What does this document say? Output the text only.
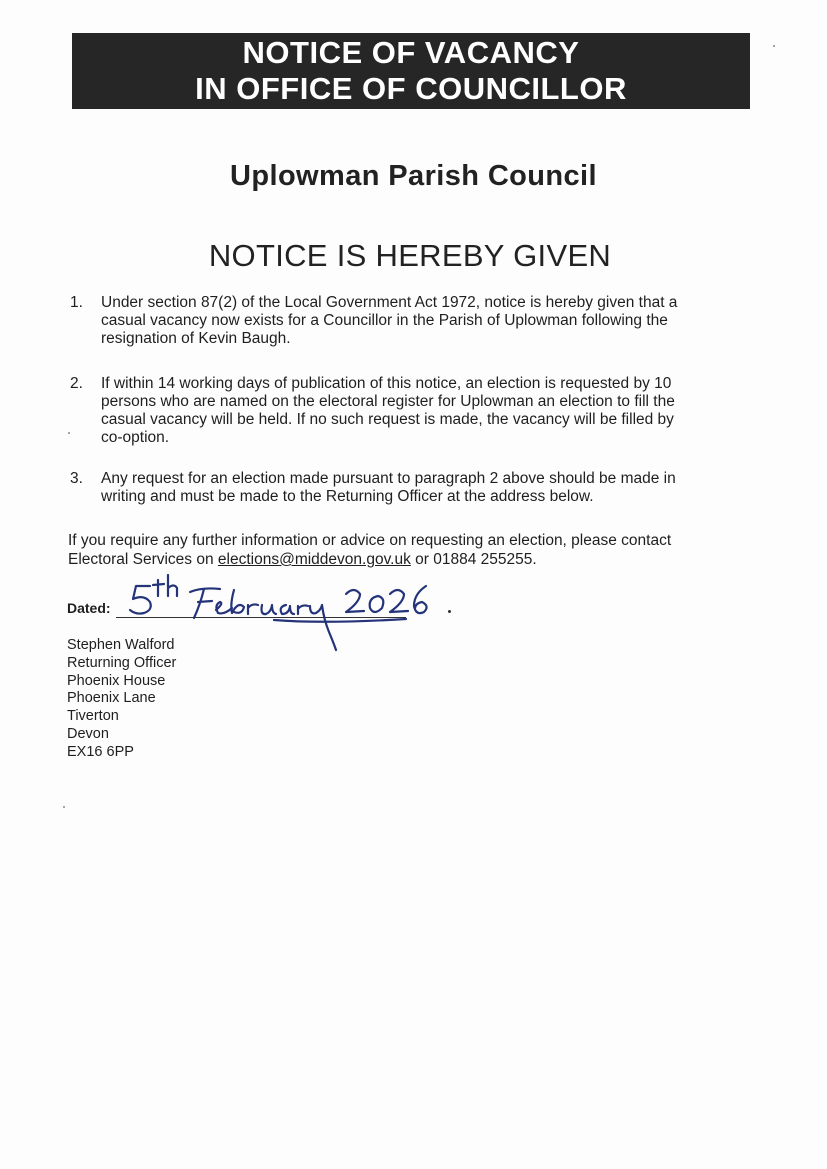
NOTICE OF VACANCY
IN OFFICE OF COUNCILLOR
Uplowman Parish Council
NOTICE IS HEREBY GIVEN
1. Under section 87(2) of the Local Government Act 1972, notice is hereby given that a
casual vacancy now exists for a Councillor in the Parish of Uplowman following the
resignation of Kevin Baugh.
2. If within 14 working days of publication of this notice, an election is requested by 10
persons who are named on the electoral register for Uplowman an election to fill the
casual vacancy will be held. If no such request is made, the vacancy will be filled by
co-option.
3. Any request for an election made pursuant to paragraph 2 above should be made in
writing and must be made to the Returning Officer at the address below.
If you require any further information or advice on requesting an election, please contact
Electoral Services on elections@middevon.gov.uk or 01884 255255.
Dated:
Stephen Walford
Returning Officer
Phoenix House
Phoenix Lane
Tiverton
Devon
EX16 6PP
